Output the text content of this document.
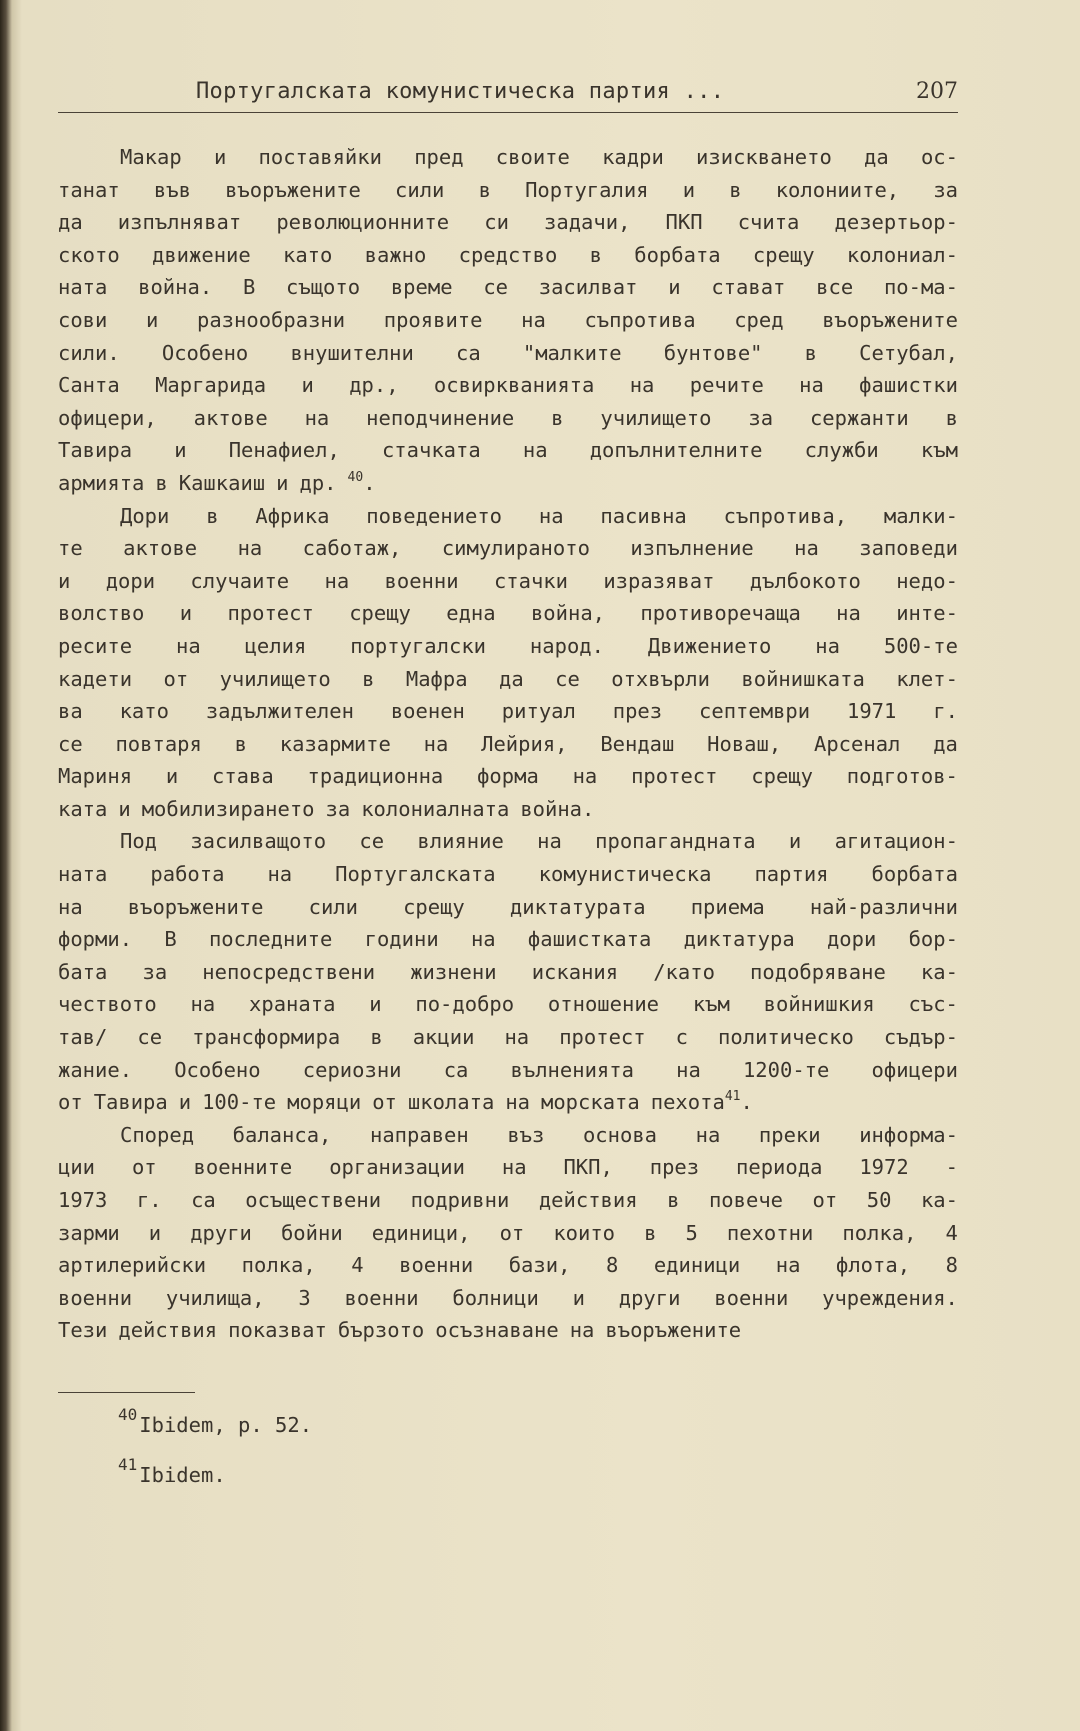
Португалската комунистическа партия ...	207
Макар и поставяйки пред своите кадри изискването да ос-
танат във въоръжените сили в Португалия и в колониите, за
да изпълняват революционните си задачи, ПКП счита дезертьор-
ското движение като важно средство в борбата срещу колониал-
ната война. В същото време се засилват и стават все по-ма-
сови и разнообразни проявите на съпротива сред въоръжените
сили. Особено внушителни са "малките бунтове" в Сетубал,
Санта Маргарида и др., освиркванията на речите на фашистки
офицери, актове на неподчинение в училището за сержанти в
Тавира и Пенафиел, стачката на допълнителните служби към
армията в Кашкаиш и др. $^{40}$.
Дори в Африка поведението на пасивна съпротива, малки-
те актове на саботаж, симулираното изпълнение на заповеди
и дори случаите на военни стачки изразяват дълбокото недо-
волство и протест срещу една война, противоречаща на инте-
ресите на целия португалски народ. Движението на 500-те
кадети от училището в Мафра да се отхвърли войнишката клет-
ва като задължителен военен ритуал през септември 1971 г.
се повтаря в казармите на Лейрия, Вендаш Новаш, Арсенал да
Мариня и става традиционна форма на протест срещу подготов-
ката и мобилизирането за колониалната война.
Под засилващото се влияние на пропагандната и агитацион-
ната работа на Португалската комунистическа партия борбата
на въоръжените сили срещу диктатурата приема най-различни
форми. В последните години на фашистката диктатура дори бор-
бата за непосредствени жизнени искания /като подобряване ка-
чеството на храната и по-добро отношение към войнишкия със-
тав/ се трансформира в акции на протест с политическо съдър-
жание. Особено сериозни са вълненията на 1200-те офицери
от Тавира и 100-те моряци от школата на морската пехота$^{41}$.
Според баланса, направен въз основа на преки информа-
ции от военните организации на ПКП, през периода 1972 -
1973 г. са осъществени подривни действия в повече от 50 ка-
зарми и други бойни единици, от които в 5 пехотни полка, 4
артилерийски полка, 4 военни бази, 8 единици на флота, 8
военни училища, 3 военни болници и други военни учреждения.
Тези действия показват бързото осъзнаване на въоръжените
$^{40}$Ibidem, p. 52.
$^{41}$Ibidem.
